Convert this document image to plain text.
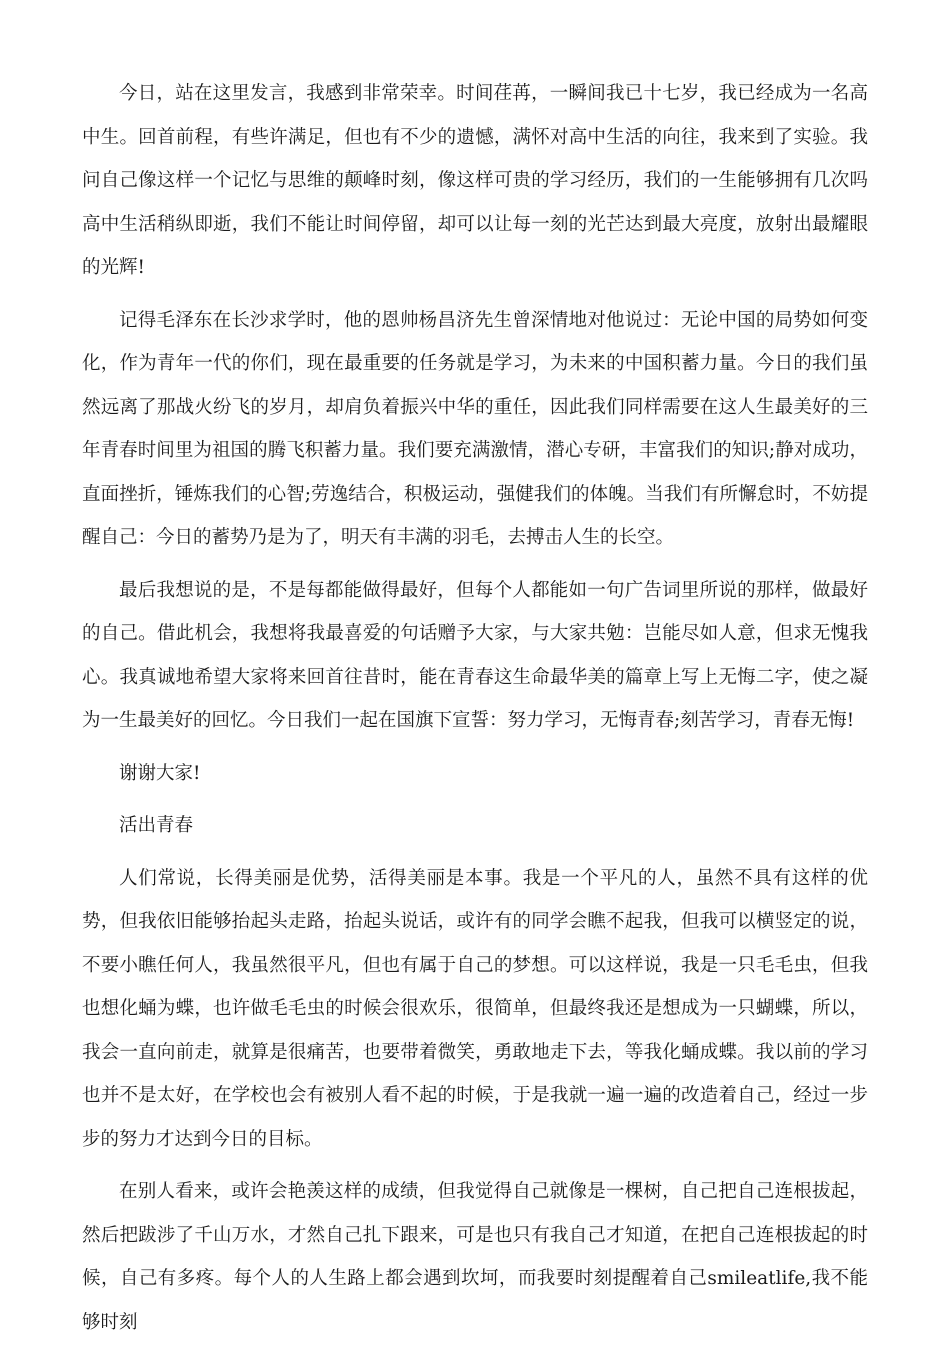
今日，站在这里发言，我感到非常荣幸。时间荏苒，一瞬间我已十七岁，我已经成为一名高中生。回首前程，有些许满足，但也有不少的遗憾，满怀对高中生活的向往，我来到了实验。我问自己像这样一个记忆与思维的颠峰时刻，像这样可贵的学习经历，我们的一生能够拥有几次吗高中生活稍纵即逝，我们不能让时间停留，却可以让每一刻的光芒达到最大亮度，放射出最耀眼的光辉!

记得毛泽东在长沙求学时，他的恩帅杨昌济先生曾深情地对他说过：无论中国的局势如何变化，作为青年一代的你们，现在最重要的任务就是学习，为未来的中国积蓄力量。今日的我们虽然远离了那战火纷飞的岁月，却肩负着振兴中华的重任，因此我们同样需要在这人生最美好的三年青春时间里为祖国的腾飞积蓄力量。我们要充满激情，潜心专研，丰富我们的知识;静对成功，直面挫折，锤炼我们的心智;劳逸结合，积极运动，强健我们的体魄。当我们有所懈怠时，不妨提醒自己：今日的蓄势乃是为了，明天有丰满的羽毛，去搏击人生的长空。

最后我想说的是，不是每都能做得最好，但每个人都能如一句广告词里所说的那样，做最好的自己。借此机会，我想将我最喜爱的句话赠予大家，与大家共勉：岂能尽如人意，但求无愧我心。我真诚地希望大家将来回首往昔时，能在青春这生命最华美的篇章上写上无悔二字，使之凝为一生最美好的回忆。今日我们一起在国旗下宣誓：努力学习，无悔青春;刻苦学习，青春无悔!

谢谢大家!

活出青春

人们常说，长得美丽是优势，活得美丽是本事。我是一个平凡的人，虽然不具有这样的优势，但我依旧能够抬起头走路，抬起头说话，或许有的同学会瞧不起我，但我可以横竖定的说，不要小瞧任何人，我虽然很平凡，但也有属于自己的梦想。可以这样说，我是一只毛毛虫，但我也想化蛹为蝶，也许做毛毛虫的时候会很欢乐，很简单，但最终我还是想成为一只蝴蝶，所以，我会一直向前走，就算是很痛苦，也要带着微笑，勇敢地走下去，等我化蛹成蝶。我以前的学习也并不是太好，在学校也会有被别人看不起的时候，于是我就一遍一遍的改造着自己，经过一步步的努力才达到今日的目标。

在别人看来，或许会艳羡这样的成绩，但我觉得自己就像是一棵树，自己把自己连根拔起，然后把跋涉了千山万水，才然自己扎下跟来，可是也只有我自己才知道，在把自己连根拔起的时候，自己有多疼。每个人的人生路上都会遇到坎坷，而我要时刻提醒着自己smileatlife,我不能够时刻
